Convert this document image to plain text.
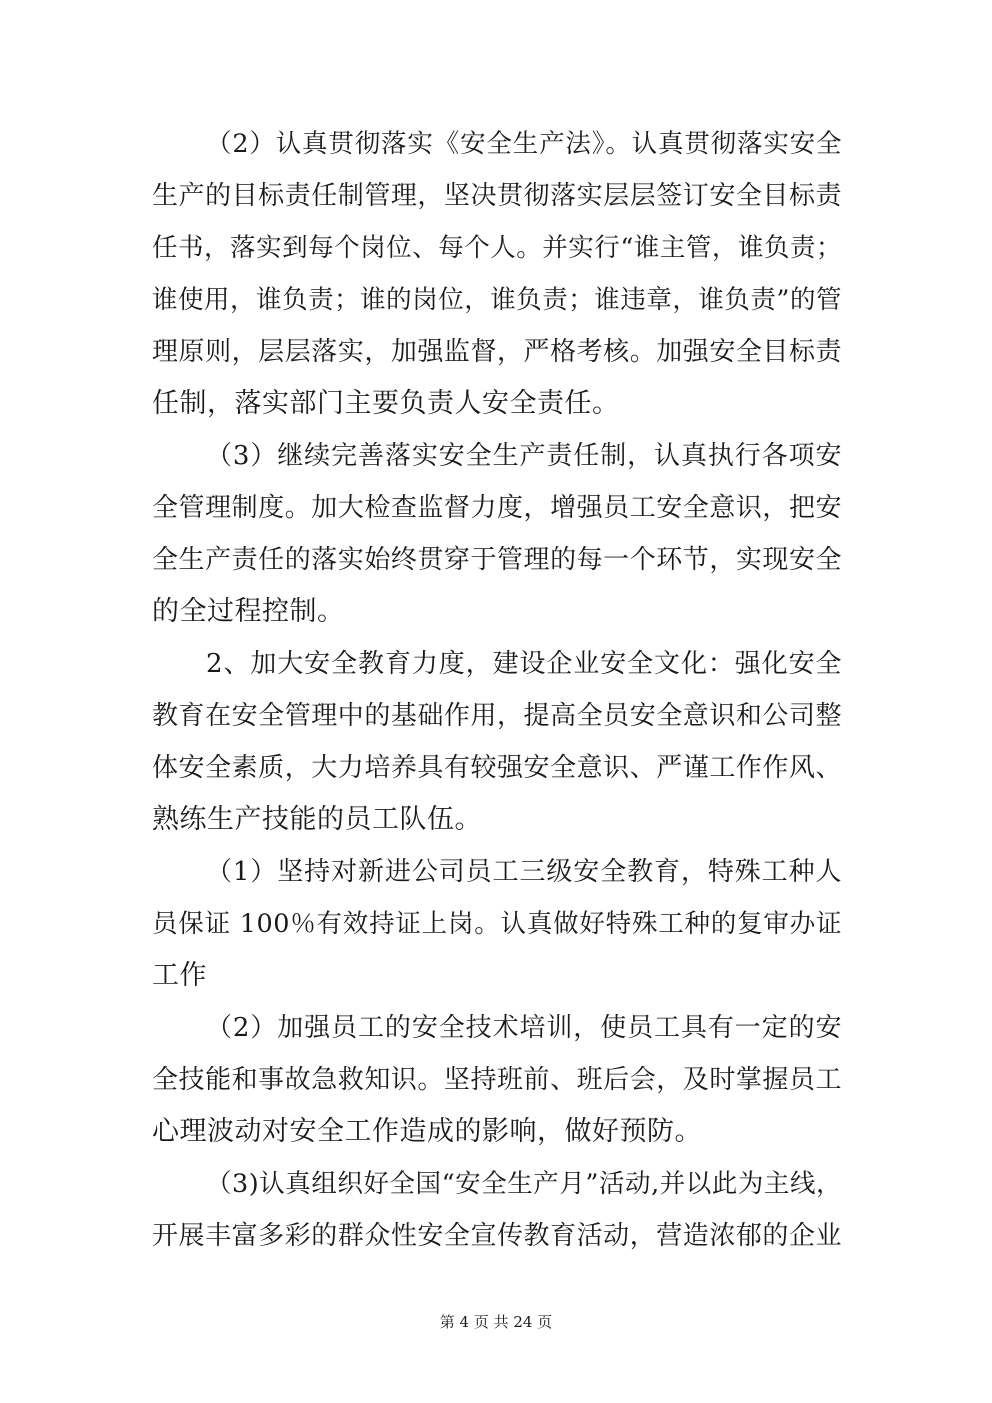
（2）认真贯彻落实《安全生产法》。认真贯彻落实安全
生产的目标责任制管理，坚决贯彻落实层层签订安全目标责
任书，落实到每个岗位、每个人。并实行“谁主管，谁负责；
谁使用，谁负责；谁的岗位，谁负责；谁违章，谁负责”的管
理原则，层层落实，加强监督，严格考核。加强安全目标责
任制，落实部门主要负责人安全责任。
（3）继续完善落实安全生产责任制，认真执行各项安
全管理制度。加大检查监督力度，增强员工安全意识，把安
全生产责任的落实始终贯穿于管理的每一个环节，实现安全
的全过程控制。
2、加大安全教育力度，建设企业安全文化：强化安全
教育在安全管理中的基础作用，提高全员安全意识和公司整
体安全素质，大力培养具有较强安全意识、严谨工作作风、
熟练生产技能的员工队伍。
（1）坚持对新进公司员工三级安全教育，特殊工种人
员保证 100％有效持证上岗。认真做好特殊工种的复审办证
工作
（2）加强员工的安全技术培训，使员工具有一定的安
全技能和事故急救知识。坚持班前、班后会，及时掌握员工
心理波动对安全工作造成的影响，做好预防。
（3)认真组织好全国“安全生产月”活动,并以此为主线，
开展丰富多彩的群众性安全宣传教育活动，营造浓郁的企业
第 4 页 共 24 页
